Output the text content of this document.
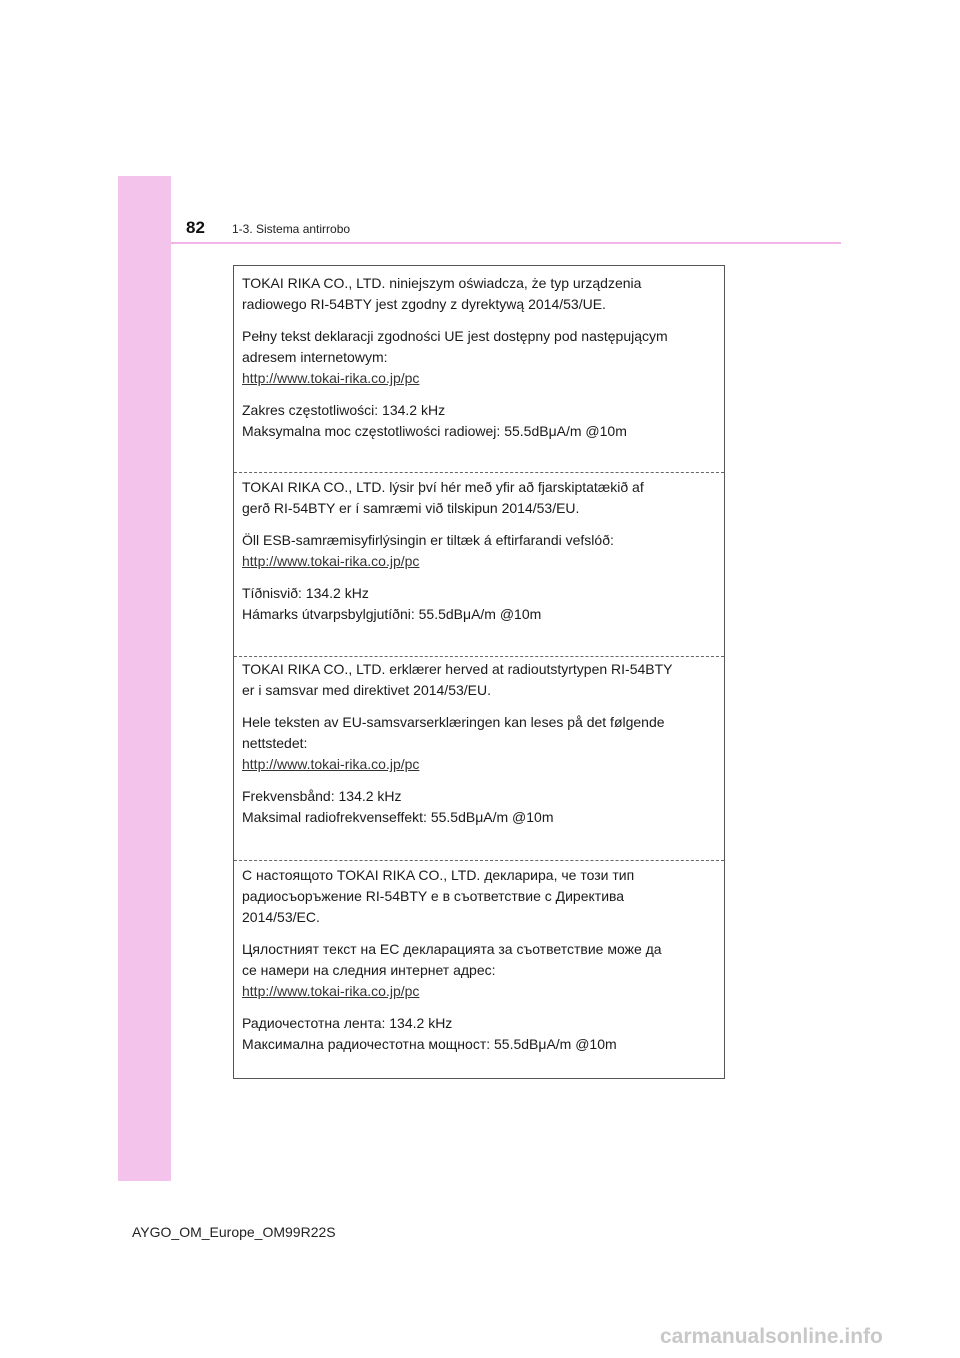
82 1-3. Sistema antirrobo

TOKAI RIKA CO., LTD. niniejszym oświadcza, że typ urządzenia

radiowego RI-54BTY jest zgodny z dyrektywą 2014/53/UE.

Pełny tekst deklaracji zgodności UE jest dostępny pod następującym

adresem internetowym:

http://www.tokai-rika.co.jp/pc

Zakres częstotliwości: 134.2 kHz

Maksymalna moc częstotliwości radiowej: 55.5dBμA/m @10m

TOKAI RIKA CO., LTD. lýsir því hér með yfir að fjarskiptatækið af

gerð RI-54BTY er í samræmi við tilskipun 2014/53/EU.

Öll ESB-samræmisyfirlýsingin er tiltæk á eftirfarandi vefslóð:

http://www.tokai-rika.co.jp/pc

Tíðnisvið: 134.2 kHz

Hámarks útvarpsbylgjutíðni: 55.5dBμA/m @10m

TOKAI RIKA CO., LTD. erklærer herved at radioutstyrtypen RI-54BTY

er i samsvar med direktivet 2014/53/EU.

Hele teksten av EU-samsvarserklæringen kan leses på det følgende

nettstedet:

http://www.tokai-rika.co.jp/pc

Frekvensbånd: 134.2 kHz

Maksimal radiofrekvenseffekt: 55.5dBμA/m @10m

С настоящото TOKAI RIKA CO., LTD. декларира, че този тип

радиосъоръжение RI-54BTY е в съответствие с Директива

2014/53/ЕС.

Цялостният текст на ЕС декларацията за съответствие може да

се намери на следния интернет адрес:

http://www.tokai-rika.co.jp/pc

Радиочестотна лента: 134.2 kHz

Максимална радиочестотна мощност: 55.5dBμA/m @10m

AYGO_OM_Europe_OM99R22S
carmanualsonline.info
